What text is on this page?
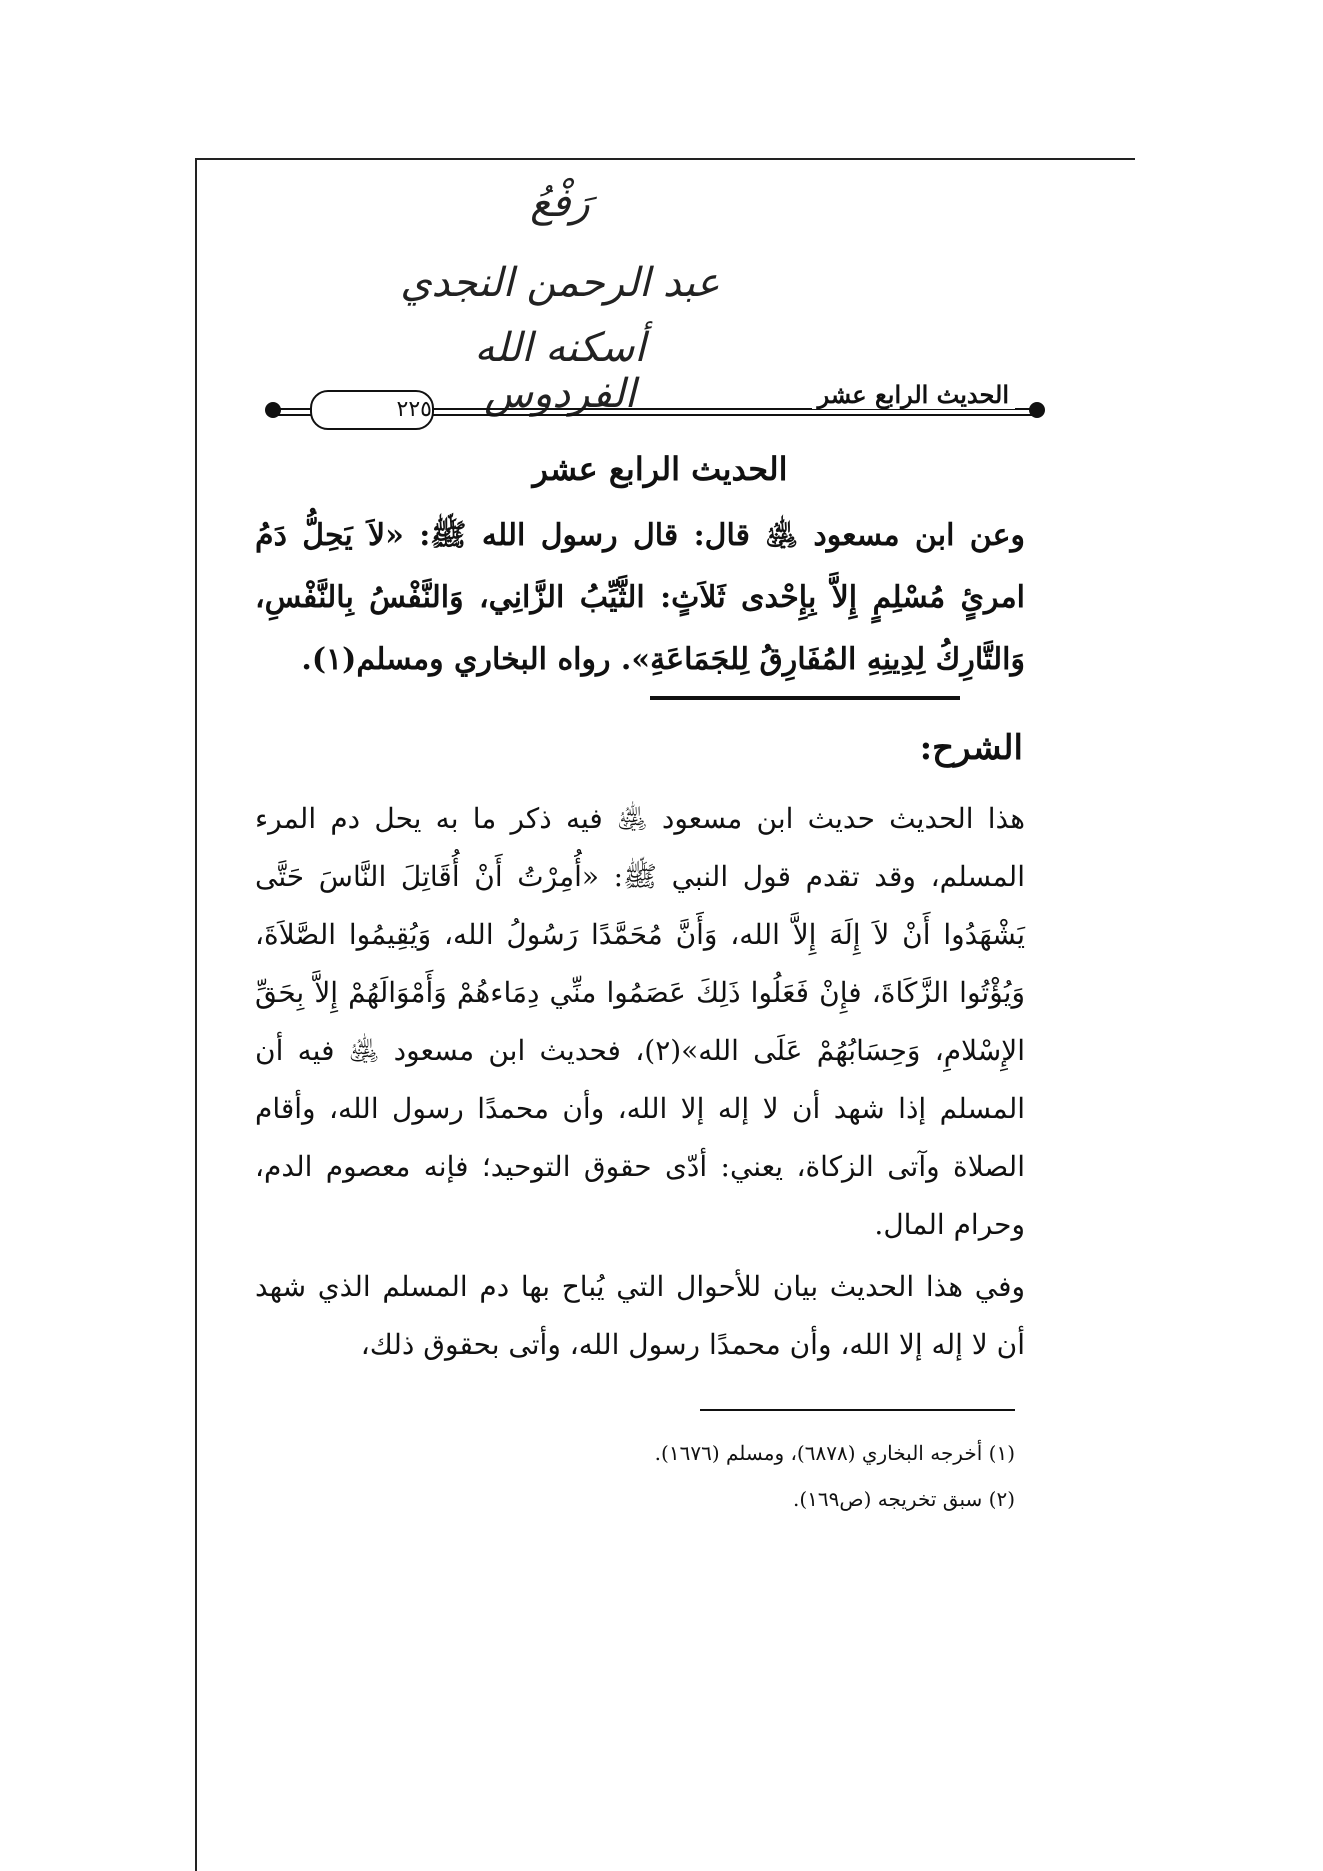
رَفْعُ
عبد الرحمن النجدي
أسكنه الله الفردوس
٢٢٥
الحديث الرابع عشر
الحديث الرابع عشر
وعن ابن مسعود ﵁ قال: قال رسول الله ﷺ: «لاَ يَحِلُّ دَمُ امرئٍ مُسْلِمٍ إِلاَّ بِإِحْدى ثَلاَثٍ: الثَّيِّبُ الزَّانِي، وَالنَّفْسُ بِالنَّفْسِ، وَالتَّارِكُ لِدِينِهِ المُفَارِقُ لِلجَمَاعَةِ». رواه البخاري ومسلم(١).
الشرح:
هذا الحديث حديث ابن مسعود ﵁ فيه ذكر ما به يحل دم المرء المسلم، وقد تقدم قول النبي ﷺ: «أُمِرْتُ أَنْ أُقَاتِلَ النَّاسَ حَتَّى يَشْهَدُوا أَنْ لاَ إِلَهَ إِلاَّ الله، وَأَنَّ مُحَمَّدًا رَسُولُ الله، وَيُقِيمُوا الصَّلاَةَ، وَيُؤْتُوا الزَّكَاةَ، فإِنْ فَعَلُوا ذَلِكَ عَصَمُوا منِّي دِمَاءهُمْ وَأَمْوَالَهُمْ إِلاَّ بِحَقِّ الإِسْلامِ، وَحِسَابُهُمْ عَلَى الله»(٢)، فحديث ابن مسعود ﵁ فيه أن المسلم إذا شهد أن لا إله إلا الله، وأن محمدًا رسول الله، وأقام الصلاة وآتى الزكاة، يعني: أدّى حقوق التوحيد؛ فإنه معصوم الدم، وحرام المال.
وفي هذا الحديث بيان للأحوال التي يُباح بها دم المسلم الذي شهد أن لا إله إلا الله، وأن محمدًا رسول الله، وأتى بحقوق ذلك،
(١) أخرجه البخاري (٦٨٧٨)، ومسلم (١٦٧٦).
(٢) سبق تخريجه (ص١٦٩).
